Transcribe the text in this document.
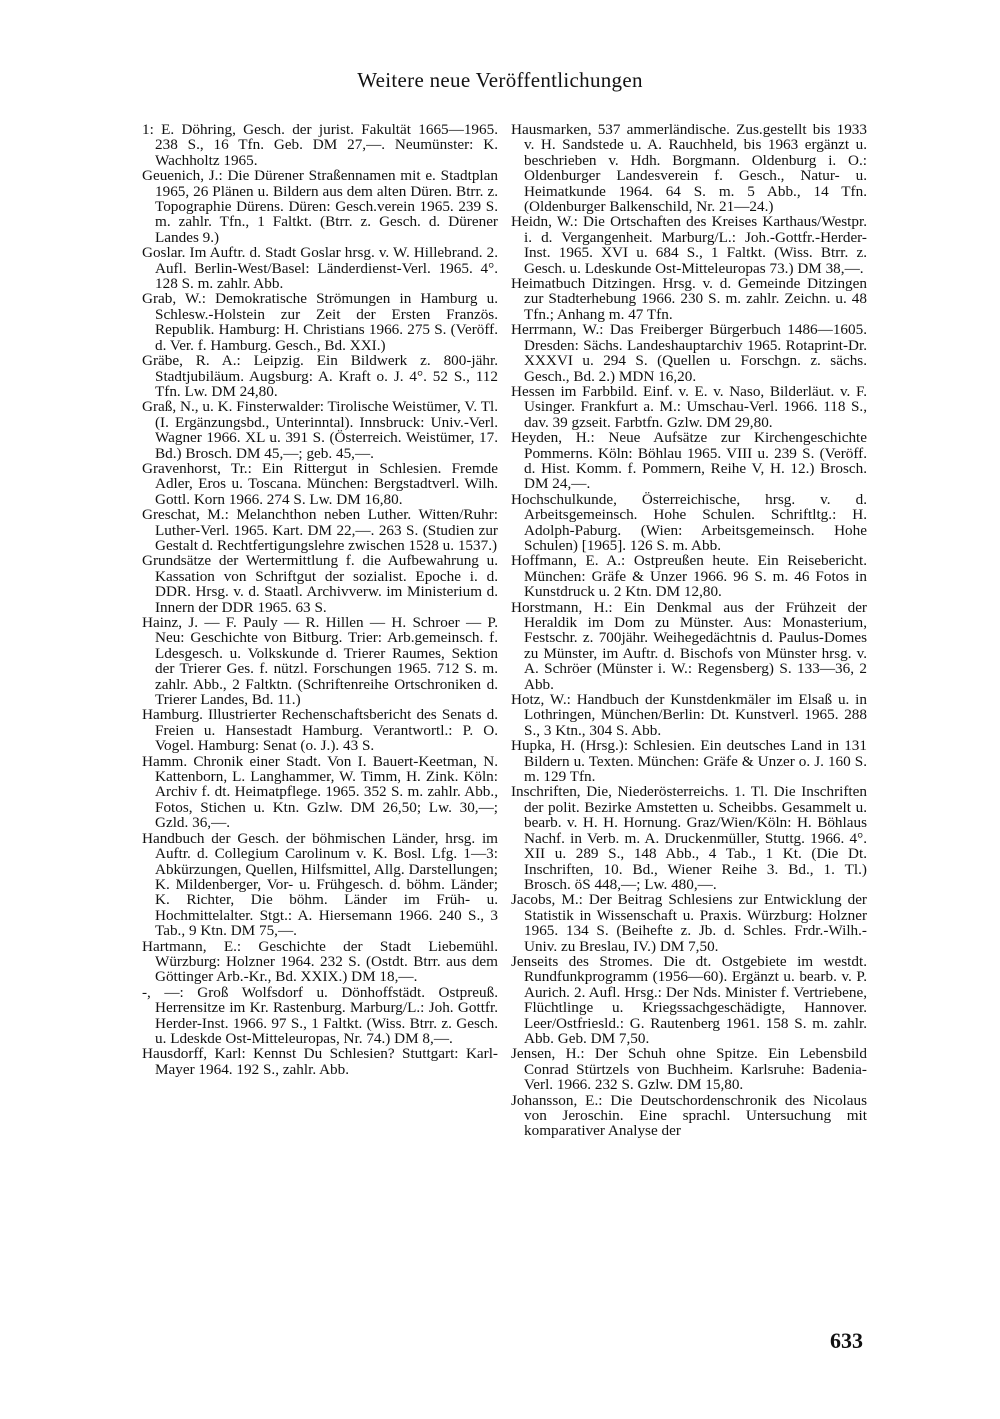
Weitere neue Veröffentlichungen

1: E. Döhring, Gesch. der jurist. Fakultät 1665—1965. 238 S., 16 Tfn. Geb. DM 27,—. Neumünster: K. Wachholtz 1965.

Geuenich, J.: Die Dürener Straßennamen mit e. Stadtplan 1965, 26 Plänen u. Bildern aus dem alten Düren. Btrr. z. Topographie Dürens. Düren: Gesch.verein 1965. 239 S. m. zahlr. Tfn., 1 Faltkt. (Btrr. z. Gesch. d. Dürener Landes 9.)

Goslar. Im Auftr. d. Stadt Goslar hrsg. v. W. Hillebrand. 2. Aufl. Berlin-West/Basel: Länderdienst-Verl. 1965. 4°. 128 S. m. zahlr. Abb.

Grab, W.: Demokratische Strömungen in Hamburg u. Schlesw.-Holstein zur Zeit der Ersten Französ. Republik. Hamburg: H. Christians 1966. 275 S. (Veröff. d. Ver. f. Hamburg. Gesch., Bd. XXI.)

Gräbe, R. A.: Leipzig. Ein Bildwerk z. 800-jähr. Stadtjubiläum. Augsburg: A. Kraft o. J. 4°. 52 S., 112 Tfn. Lw. DM 24,80.

Graß, N., u. K. Finsterwalder: Tirolische Weistümer, V. Tl. (I. Ergänzungsbd., Unterinntal). Innsbruck: Univ.-Verl. Wagner 1966. XL u. 391 S. (Österreich. Weistümer, 17. Bd.) Brosch. DM 45,—; geb. 45,—.

Gravenhorst, Tr.: Ein Rittergut in Schlesien. Fremde Adler, Eros u. Toscana. München: Bergstadtverl. Wilh. Gottl. Korn 1966. 274 S. Lw. DM 16,80.

Greschat, M.: Melanchthon neben Luther. Witten/Ruhr: Luther-Verl. 1965. Kart. DM 22,—. 263 S. (Studien zur Gestalt d. Rechtfertigungslehre zwischen 1528 u. 1537.)

Grundsätze der Wertermittlung f. die Aufbewahrung u. Kassation von Schriftgut der sozialist. Epoche i. d. DDR. Hrsg. v. d. Staatl. Archivverw. im Ministerium d. Innern der DDR 1965. 63 S.

Hainz, J. — F. Pauly — R. Hillen — H. Schroer — P. Neu: Geschichte von Bitburg. Trier: Arb.gemeinsch. f. Ldesgesch. u. Volkskunde d. Trierer Raumes, Sektion der Trierer Ges. f. nützl. Forschungen 1965. 712 S. m. zahlr. Abb., 2 Faltktn. (Schriftenreihe Ortschroniken d. Trierer Landes, Bd. 11.)

Hamburg. Illustrierter Rechenschaftsbericht des Senats d. Freien u. Hansestadt Hamburg. Verantwortl.: P. O. Vogel. Hamburg: Senat (o. J.). 43 S.

Hamm. Chronik einer Stadt. Von I. Bauert-Keetman, N. Kattenborn, L. Langhammer, W. Timm, H. Zink. Köln: Archiv f. dt. Heimatpflege. 1965. 352 S. m. zahlr. Abb., Fotos, Stichen u. Ktn. Gzlw. DM 26,50; Lw. 30,—; Gzld. 36,—.

Handbuch der Gesch. der böhmischen Länder, hrsg. im Auftr. d. Collegium Carolinum v. K. Bosl. Lfg. 1—3: Abkürzungen, Quellen, Hilfsmittel, Allg. Darstellungen; K. Mildenberger, Vor- u. Frühgesch. d. böhm. Länder; K. Richter, Die böhm. Länder im Früh- u. Hochmittelalter. Stgt.: A. Hiersemann 1966. 240 S., 3 Tab., 9 Ktn. DM 75,—.

Hartmann, E.: Geschichte der Stadt Liebemühl. Würzburg: Holzner 1964. 232 S. (Ostdt. Btrr. aus dem Göttinger Arb.-Kr., Bd. XXIX.) DM 18,—.

-, —: Groß Wolfsdorf u. Dönhoffstädt. Ostpreuß. Herrensitze im Kr. Rastenburg. Marburg/L.: Joh. Gottfr. Herder-Inst. 1966. 97 S., 1 Faltkt. (Wiss. Btrr. z. Gesch. u. Ldeskde Ost-Mitteleuropas, Nr. 74.) DM 8,—.

Hausdorff, Karl: Kennst Du Schlesien? Stuttgart: Karl-Mayer 1964. 192 S., zahlr. Abb.

Hausmarken, 537 ammerländische. Zus.gestellt bis 1933 v. H. Sandstede u. A. Rauchheld, bis 1963 ergänzt u. beschrieben v. Hdh. Borgmann. Oldenburg i. O.: Oldenburger Landesverein f. Gesch., Natur- u. Heimatkunde 1964. 64 S. m. 5 Abb., 14 Tfn. (Oldenburger Balkenschild, Nr. 21—24.)

Heidn, W.: Die Ortschaften des Kreises Karthaus/Westpr. i. d. Vergangenheit. Marburg/L.: Joh.-Gottfr.-Herder-Inst. 1965. XVI u. 684 S., 1 Faltkt. (Wiss. Btrr. z. Gesch. u. Ldeskunde Ost-Mitteleuropas 73.) DM 38,—.

Heimatbuch Ditzingen. Hrsg. v. d. Gemeinde Ditzingen zur Stadterhebung 1966. 230 S. m. zahlr. Zeichn. u. 48 Tfn.; Anhang m. 47 Tfn.

Herrmann, W.: Das Freiberger Bürgerbuch 1486—1605. Dresden: Sächs. Landeshauptarchiv 1965. Rotaprint-Dr. XXXVI u. 294 S. (Quellen u. Forschgn. z. sächs. Gesch., Bd. 2.) MDN 16,20.

Hessen im Farbbild. Einf. v. E. v. Naso, Bilderläut. v. F. Usinger. Frankfurt a. M.: Umschau-Verl. 1966. 118 S., dav. 39 gzseit. Farbtfn. Gzlw. DM 29,80.

Heyden, H.: Neue Aufsätze zur Kirchengeschichte Pommerns. Köln: Böhlau 1965. VIII u. 239 S. (Veröff. d. Hist. Komm. f. Pommern, Reihe V, H. 12.) Brosch. DM 24,—.

Hochschulkunde, Österreichische, hrsg. v. d. Arbeitsgemeinsch. Hohe Schulen. Schriftltg.: H. Adolph-Paburg. (Wien: Arbeitsgemeinsch. Hohe Schulen) [1965]. 126 S. m. Abb.

Hoffmann, E. A.: Ostpreußen heute. Ein Reisebericht. München: Gräfe & Unzer 1966. 96 S. m. 46 Fotos in Kunstdruck u. 2 Ktn. DM 12,80.

Horstmann, H.: Ein Denkmal aus der Frühzeit der Heraldik im Dom zu Münster. Aus: Monasterium, Festschr. z. 700jähr. Weihegedächtnis d. Paulus-Domes zu Münster, im Auftr. d. Bischofs von Münster hrsg. v. A. Schröer (Münster i. W.: Regensberg) S. 133—36, 2 Abb.

Hotz, W.: Handbuch der Kunstdenkmäler im Elsaß u. in Lothringen, München/Berlin: Dt. Kunstverl. 1965. 288 S., 3 Ktn., 304 S. Abb.

Hupka, H. (Hrsg.): Schlesien. Ein deutsches Land in 131 Bildern u. Texten. München: Gräfe & Unzer o. J. 160 S. m. 129 Tfn.

Inschriften, Die, Niederösterreichs. 1. Tl. Die Inschriften der polit. Bezirke Amstetten u. Scheibbs. Gesammelt u. bearb. v. H. H. Hornung. Graz/Wien/Köln: H. Böhlaus Nachf. in Verb. m. A. Druckenmüller, Stuttg. 1966. 4°. XII u. 289 S., 148 Abb., 4 Tab., 1 Kt. (Die Dt. Inschriften, 10. Bd., Wiener Reihe 3. Bd., 1. Tl.) Brosch. öS 448,—; Lw. 480,—.

Jacobs, M.: Der Beitrag Schlesiens zur Entwicklung der Statistik in Wissenschaft u. Praxis. Würzburg: Holzner 1965. 134 S. (Beihefte z. Jb. d. Schles. Frdr.-Wilh.-Univ. zu Breslau, IV.) DM 7,50.

Jenseits des Stromes. Die dt. Ostgebiete im westdt. Rundfunkprogramm (1956—60). Ergänzt u. bearb. v. P. Aurich. 2. Aufl. Hrsg.: Der Nds. Minister f. Vertriebene, Flüchtlinge u. Kriegssachgeschädigte, Hannover. Leer/Ostfriesld.: G. Rautenberg 1961. 158 S. m. zahlr. Abb. Geb. DM 7,50.

Jensen, H.: Der Schuh ohne Spitze. Ein Lebensbild Conrad Stürtzels von Buchheim. Karlsruhe: Badenia-Verl. 1966. 232 S. Gzlw. DM 15,80.

Johansson, E.: Die Deutschordenschronik des Nicolaus von Jeroschin. Eine sprachl. Untersuchung mit komparativer Analyse der

633
